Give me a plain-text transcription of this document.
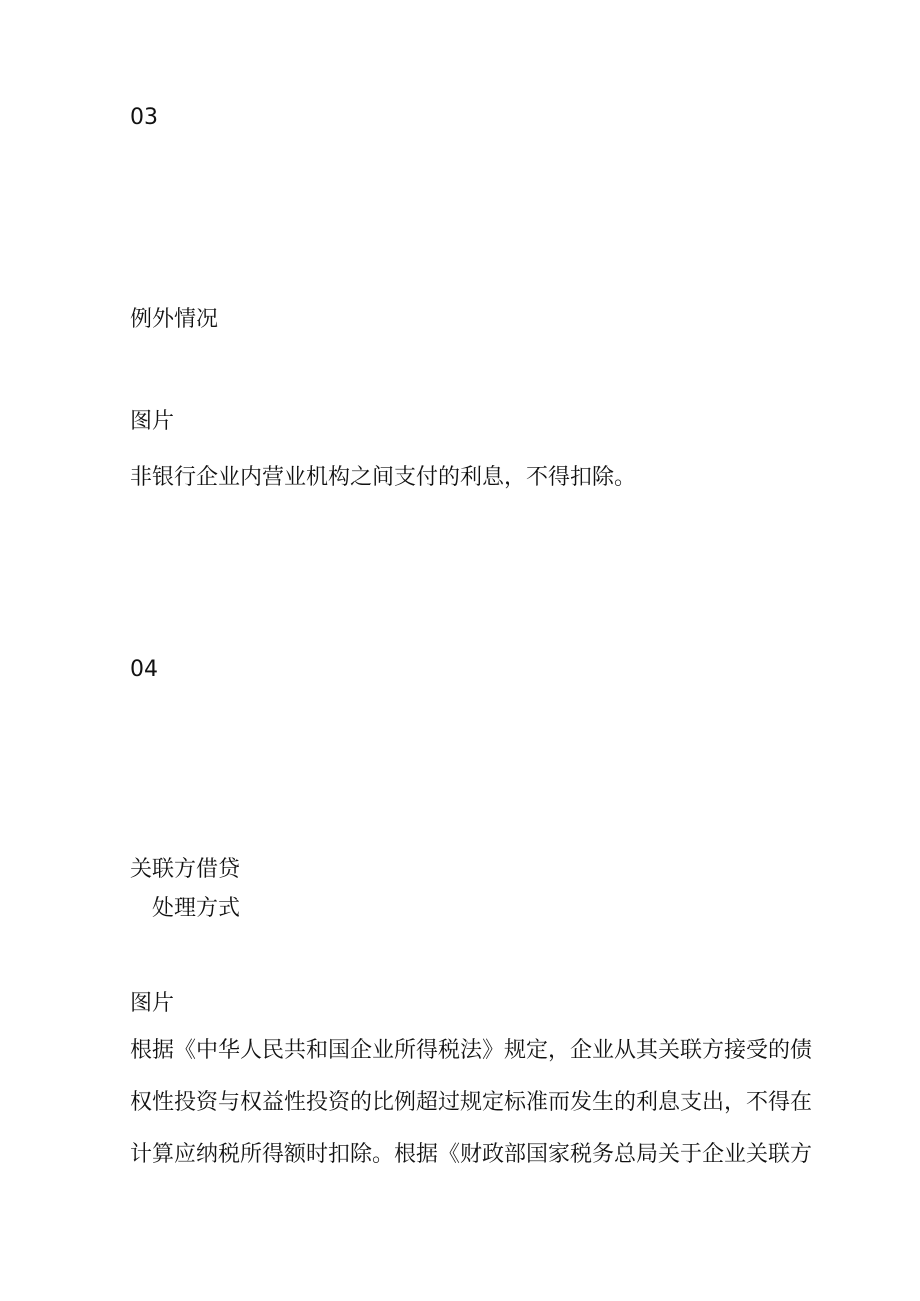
03

例外情况

图片

非银行企业内营业机构之间支付的利息，不得扣除。

04

关联方借贷

处理方式

图片

根据《中华人民共和国企业所得税法》规定，企业从其关联方接受的债
权性投资与权益性投资的比例超过规定标准而发生的利息支出，不得在
计算应纳税所得额时扣除。根据《财政部国家税务总局关于企业关联方
